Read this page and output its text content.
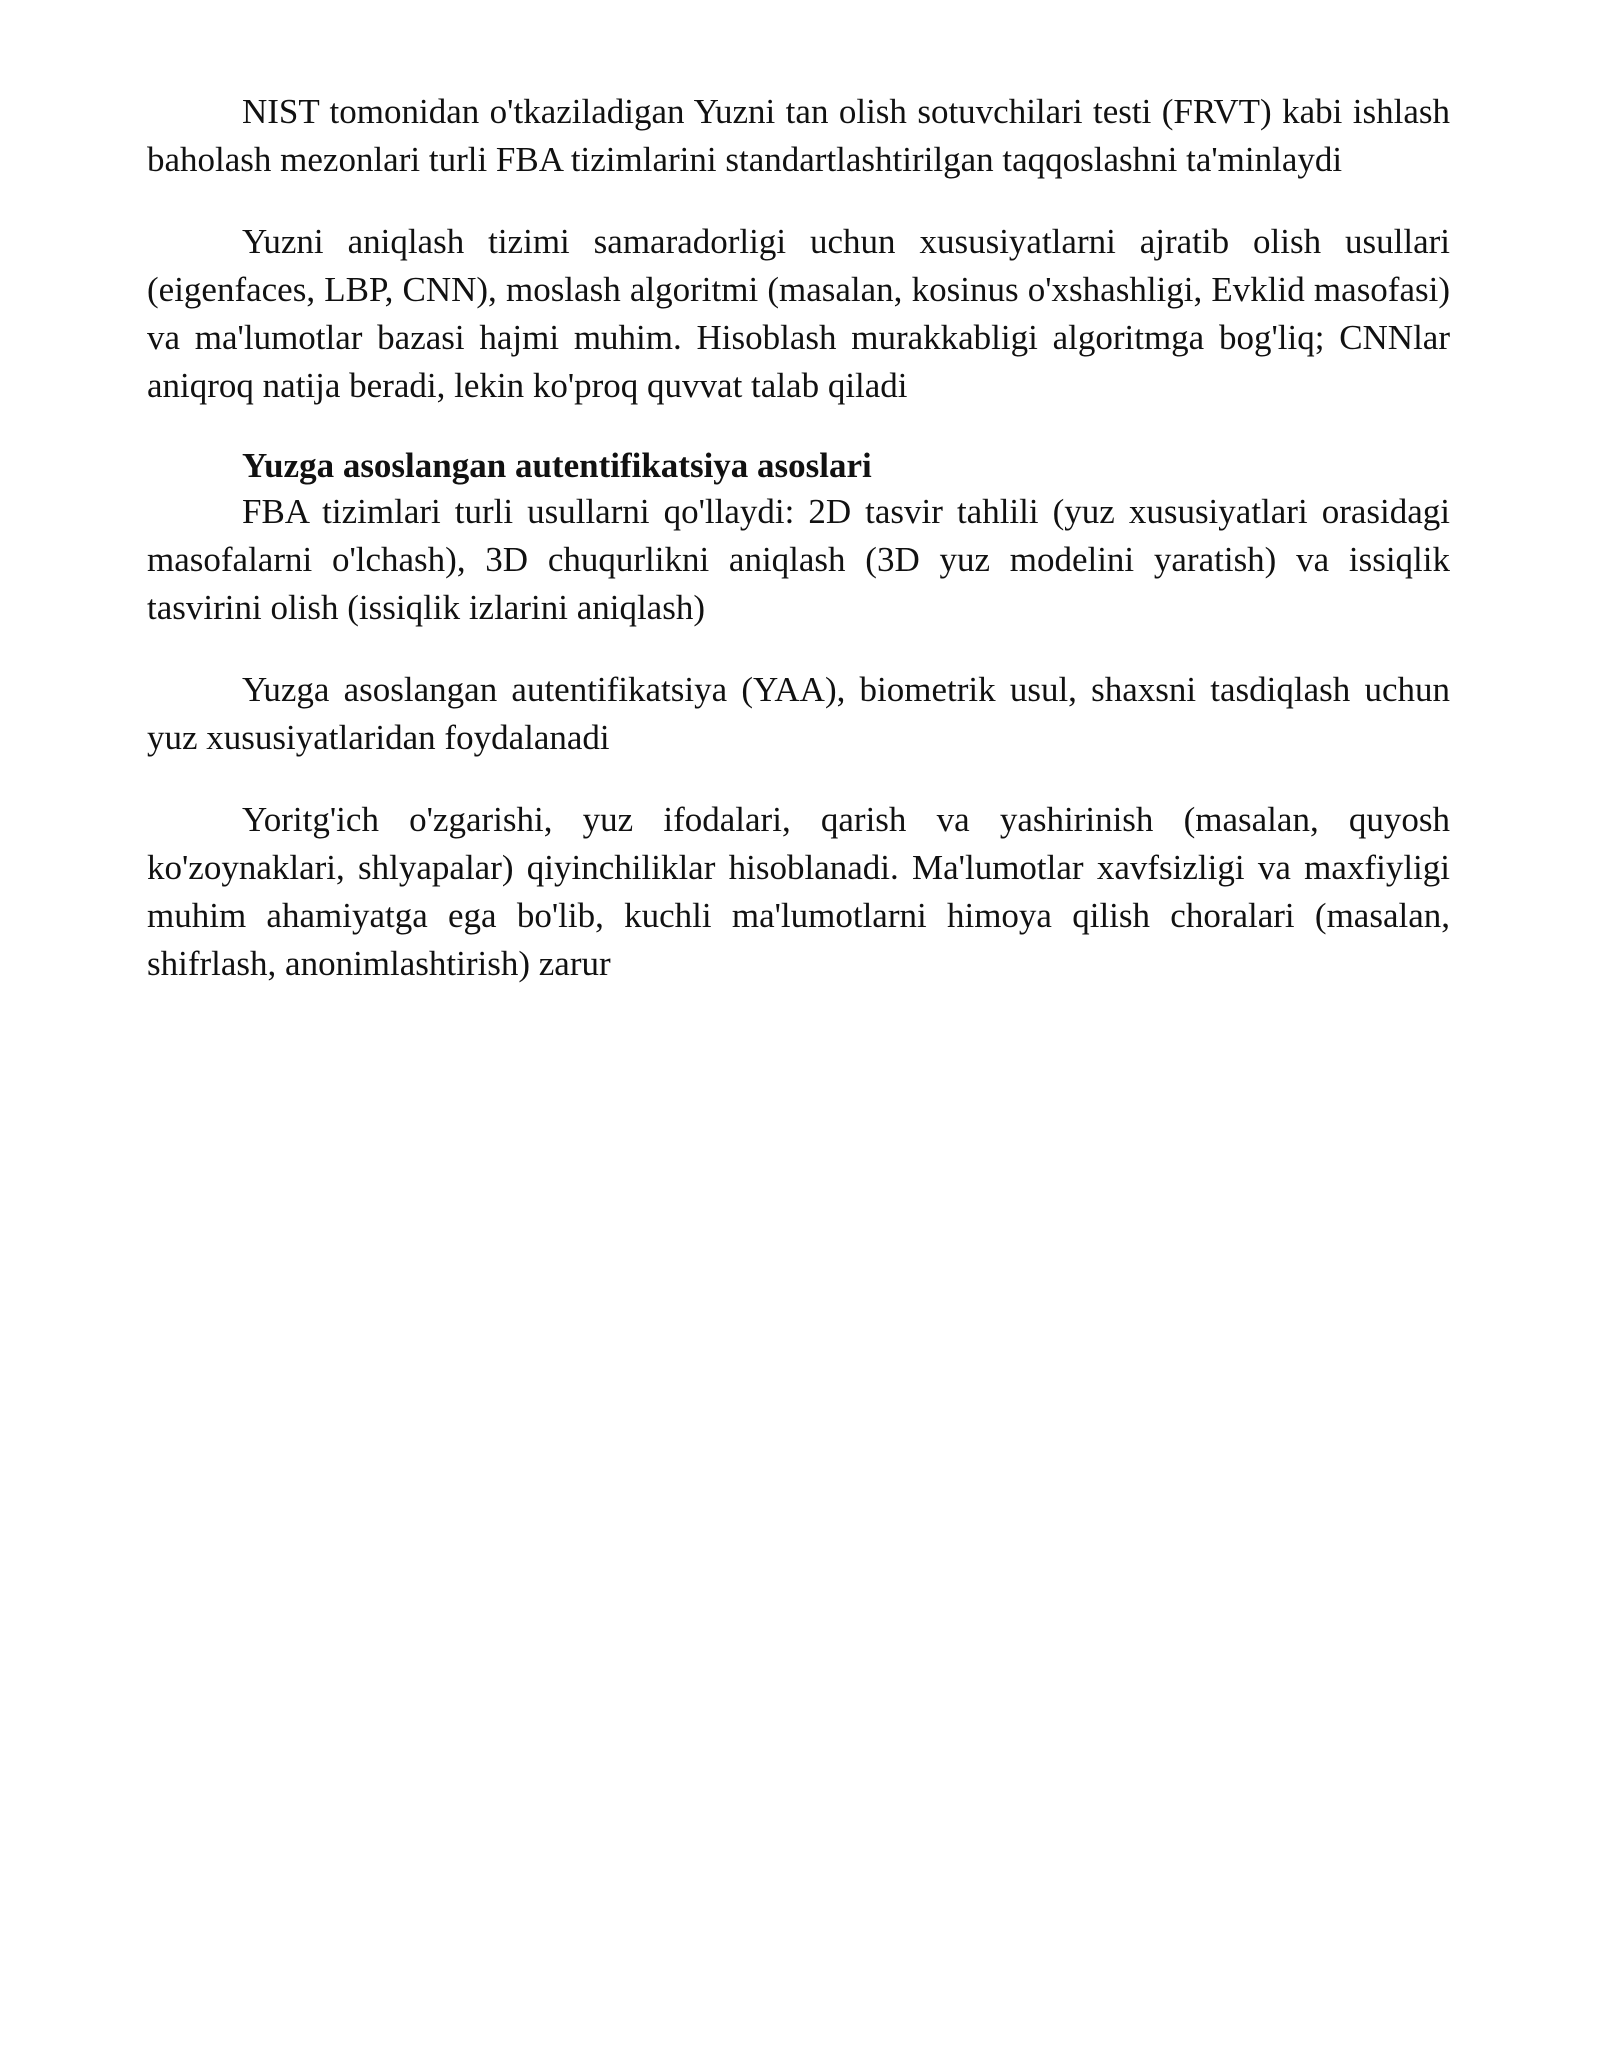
NIST tomonidan o'tkaziladigan Yuzni tan olish sotuvchilari testi (FRVT) kabi ishlash baholash mezonlari turli FBA tizimlarini standartlashtirilgan taqqoslashni ta'minlaydi

Yuzni aniqlash tizimi samaradorligi uchun xususiyatlarni ajratib olish usullari (eigenfaces, LBP, CNN), moslash algoritmi (masalan, kosinus o'xshashligi, Evklid masofasi) va ma'lumotlar bazasi hajmi muhim. Hisoblash murakkabligi algoritmga bog'liq; CNNlar aniqroq natija beradi, lekin ko'proq quvvat talab qiladi

Yuzga asoslangan autentifikatsiya asoslari

FBA tizimlari turli usullarni qo'llaydi: 2D tasvir tahlili (yuz xususiyatlari orasidagi masofalarni o'lchash), 3D chuqurlikni aniqlash (3D yuz modelini yaratish) va issiqlik tasvirini olish (issiqlik izlarini aniqlash)

Yuzga asoslangan autentifikatsiya (YAA), biometrik usul, shaxsni tasdiqlash uchun yuz xususiyatlaridan foydalanadi

Yoritg'ich o'zgarishi, yuz ifodalari, qarish va yashirinish (masalan, quyosh ko'zoynaklari, shlyapalar) qiyinchiliklar hisoblanadi. Ma'lumotlar xavfsizligi va maxfiyligi muhim ahamiyatga ega bo'lib, kuchli ma'lumotlarni himoya qilish choralari (masalan, shifrlash, anonimlashtirish) zarur
